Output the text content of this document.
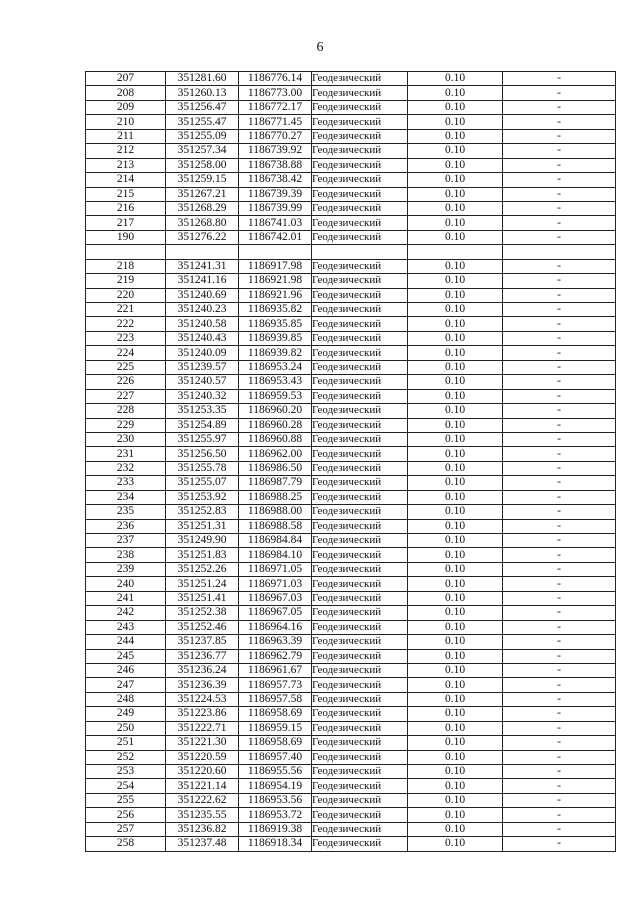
6
207	351281.60	1186776.14	Геодезический	0.10	-
208	351260.13	1186773.00	Геодезический	0.10	-
209	351256.47	1186772.17	Геодезический	0.10	-
210	351255.47	1186771.45	Геодезический	0.10	-
211	351255.09	1186770.27	Геодезический	0.10	-
212	351257.34	1186739.92	Геодезический	0.10	-
213	351258.00	1186738.88	Геодезический	0.10	-
214	351259.15	1186738.42	Геодезический	0.10	-
215	351267.21	1186739.39	Геодезический	0.10	-
216	351268.29	1186739.99	Геодезический	0.10	-
217	351268.80	1186741.03	Геодезический	0.10	-
190	351276.22	1186742.01	Геодезический	0.10	-

218	351241.31	1186917.98	Геодезический	0.10	-
219	351241.16	1186921.98	Геодезический	0.10	-
220	351240.69	1186921.96	Геодезический	0.10	-
221	351240.23	1186935.82	Геодезический	0.10	-
222	351240.58	1186935.85	Геодезический	0.10	-
223	351240.43	1186939.85	Геодезический	0.10	-
224	351240.09	1186939.82	Геодезический	0.10	-
225	351239.57	1186953.24	Геодезический	0.10	-
226	351240.57	1186953.43	Геодезический	0.10	-
227	351240.32	1186959.53	Геодезический	0.10	-
228	351253.35	1186960.20	Геодезический	0.10	-
229	351254.89	1186960.28	Геодезический	0.10	-
230	351255.97	1186960.88	Геодезический	0.10	-
231	351256.50	1186962.00	Геодезический	0.10	-
232	351255.78	1186986.50	Геодезический	0.10	-
233	351255.07	1186987.79	Геодезический	0.10	-
234	351253.92	1186988.25	Геодезический	0.10	-
235	351252.83	1186988.00	Геодезический	0.10	-
236	351251.31	1186988.58	Геодезический	0.10	-
237	351249.90	1186984.84	Геодезический	0.10	-
238	351251.83	1186984.10	Геодезический	0.10	-
239	351252.26	1186971.05	Геодезический	0.10	-
240	351251.24	1186971.03	Геодезический	0.10	-
241	351251.41	1186967.03	Геодезический	0.10	-
242	351252.38	1186967.05	Геодезический	0.10	-
243	351252.46	1186964.16	Геодезический	0.10	-
244	351237.85	1186963.39	Геодезический	0.10	-
245	351236.77	1186962.79	Геодезический	0.10	-
246	351236.24	1186961.67	Геодезический	0.10	-
247	351236.39	1186957.73	Геодезический	0.10	-
248	351224.53	1186957.58	Геодезический	0.10	-
249	351223.86	1186958.69	Геодезический	0.10	-
250	351222.71	1186959.15	Геодезический	0.10	-
251	351221.30	1186958.69	Геодезический	0.10	-
252	351220.59	1186957.40	Геодезический	0.10	-
253	351220.60	1186955.56	Геодезический	0.10	-
254	351221.14	1186954.19	Геодезический	0.10	-
255	351222.62	1186953.56	Геодезический	0.10	-
256	351235.55	1186953.72	Геодезический	0.10	-
257	351236.82	1186919.38	Геодезический	0.10	-
258	351237.48	1186918.34	Геодезический	0.10	-
